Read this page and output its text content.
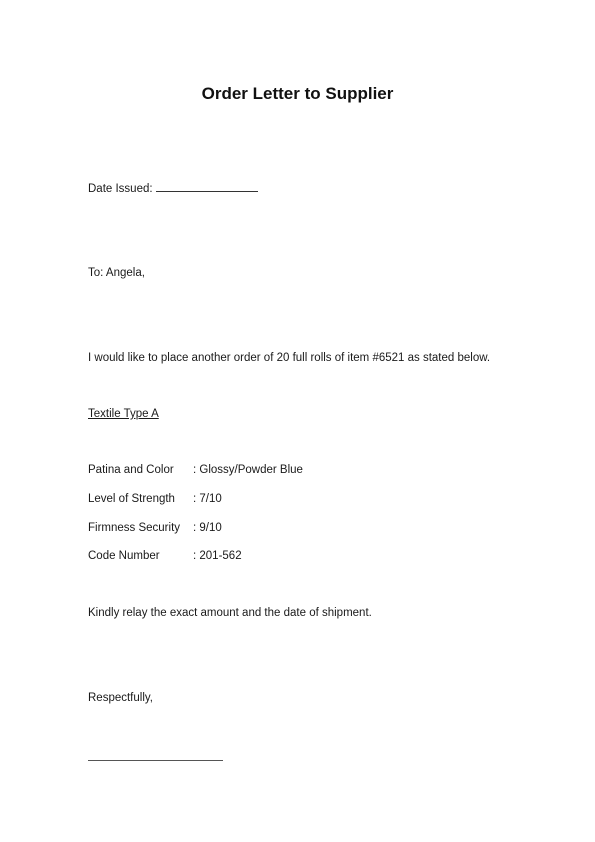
Order Letter to Supplier
Date Issued:
To: Angela,
I would like to place another order of 20 full rolls of item #6521 as stated below.
Textile Type A
Patina and Color : Glossy/Powder Blue
Level of Strength : 7/10
Firmness Security : 9/10
Code Number	: 201-562
Kindly relay the exact amount and the date of shipment.
Respectfully,
